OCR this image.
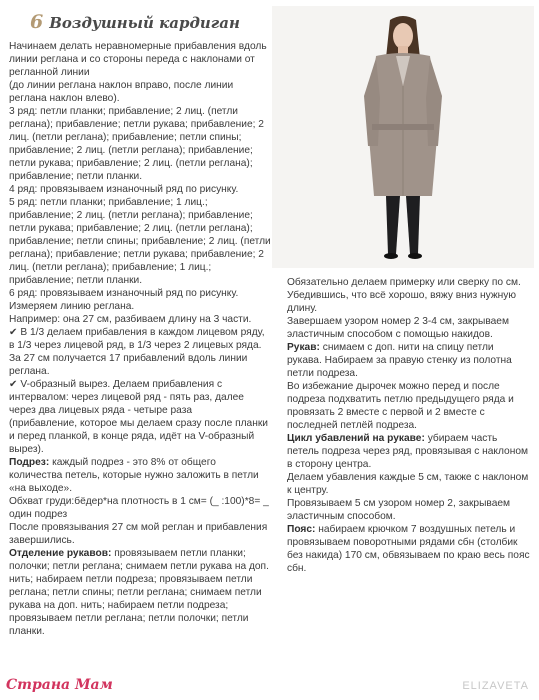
6 Воздушный кардиган

Начинаем делать неравномерные прибавления вдоль линии реглана и со стороны переда с наклонами от регланной линии

(до линии реглана наклон вправо, после линии реглана наклон влево).

3 ряд: петли планки; прибавление; 2 лиц. (петли реглана); прибавление; петли рукава; прибавление; 2 лиц. (петли реглана); прибавление; петли спины; прибавление; 2 лиц. (петли реглана); прибавление; петли рукава; прибавление; 2 лиц. (петли реглана); прибавление; петли планки.

4 ряд: провязываем изнаночный ряд по рисунку.

5 ряд: петли планки; прибавление; 1 лиц.; прибавление; 2 лиц. (петли реглана); прибавление; петли рукава; прибавление; 2 лиц. (петли реглана); прибавление; петли спины; прибавление; 2 лиц. (петли реглана); прибавление; петли рукава; прибавление; 2 лиц. (петли реглана); прибавление; 1 лиц.; прибавление; петли планки.

6 ряд: провязываем изнаночный ряд по рисунку.

Измеряем линию реглана.

Например: она 27 см, разбиваем длину на 3 части.

✔ В 1/3 делаем прибавления в каждом лицевом ряду, в 1/3 через лицевой ряд, в 1/3 через 2 лицевых ряда. За 27 см получается 17 прибавлений вдоль линии реглана.

✔ V-образный вырез. Делаем прибавления с интервалом: через лицевой ряд - пять раз, далее через два лицевых ряда - четыре раза

(прибавление, которое мы делаем сразу после планки и перед планкой, в конце ряда, идёт на V-образный вырез).

Подрез: каждый подрез - это 8% от общего количества петель, которые нужно заложить в петли «на выходе».

Обхват груди:бёдер*на плотность в 1 см= (_ :100)*8= _ один подрез

После провязывания 27 см мой реглан и прибавления завершились.

Отделение рукавов: провязываем петли планки; полочки; петли реглана; снимаем петли рукава на доп. нить; набираем петли подреза; провязываем петли реглана; петли спины; петли реглана; снимаем петли рукава на доп. нить; набираем петли подреза; провязываем петли реглана; петли полочки; петли планки.

Обязательно делаем примерку или сверку по см. Убедившись, что всё хорошо, вяжу вниз нужную длину.

Завершаем узором номер 2 3-4 см, закрываем эластичным способом с помощью накидов.

Рукав: снимаем с доп. нити на спицу петли рукава. Набираем за правую стенку из полотна петли подреза.

Во избежание дырочек можно перед и после подреза подхватить петлю предыдущего ряда и провязать 2 вместе с первой и 2 вместе с последней петлёй подреза.

Цикл убавлений на рукаве: убираем часть петель подреза через ряд, провязывая с наклоном в сторону центра.

Делаем убавления каждые 5 см, также с наклоном к центру.

Провязываем 5 см узором номер 2, закрываем эластичным способом.

Пояс: набираем крючком 7 воздушных петель и провязываем поворотными рядами сбн (столбик без накида) 170 см, обвязываем по краю весь пояс сбн.

Страна Мам	ELIZAVETA
